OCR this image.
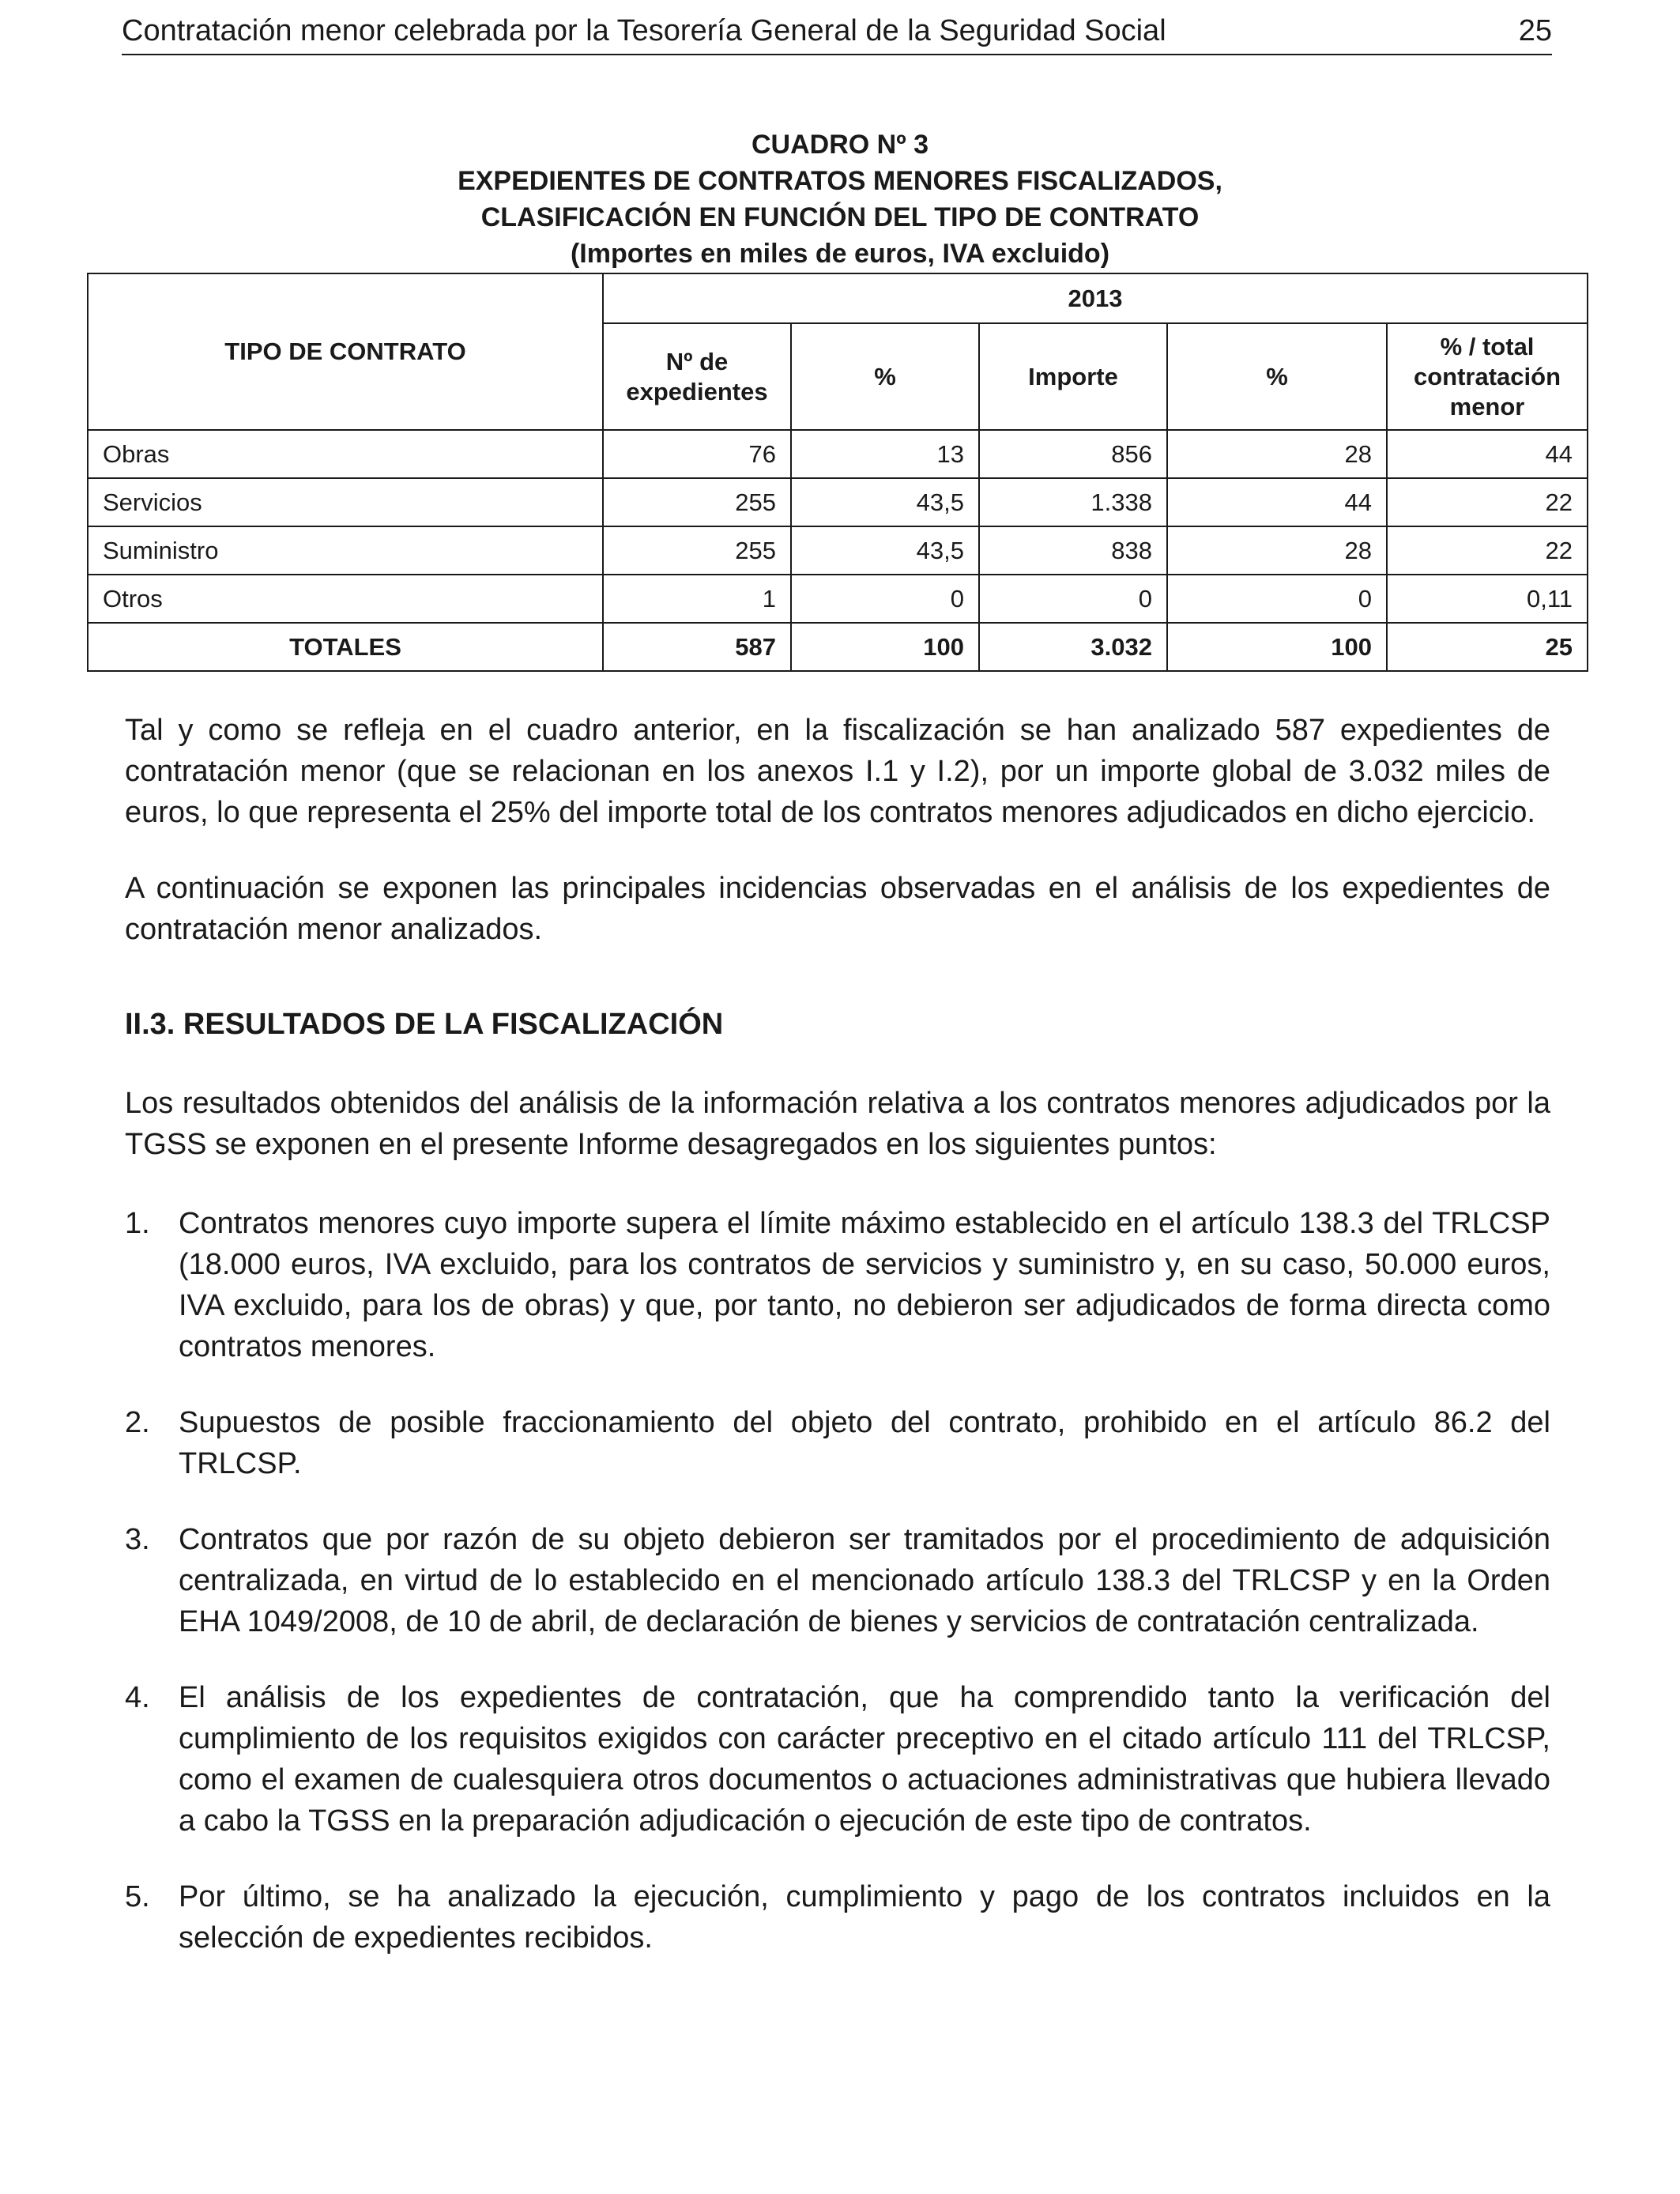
Contratación menor celebrada por la Tesorería General de la Seguridad Social	25
CUADRO Nº 3
EXPEDIENTES DE CONTRATOS MENORES FISCALIZADOS,
CLASIFICACIÓN EN FUNCIÓN DEL TIPO DE CONTRATO
(Importes en miles de euros, IVA excluido)
TIPO DE CONTRATO	2013				
	Nº de expedientes	%	Importe	%	% / total contratación menor
Obras	76	13	856	28	44
Servicios	255	43,5	1.338	44	22
Suministro	255	43,5	838	28	22
Otros	1	0	0	0	0,11
TOTALES	587	100	3.032	100	25

Tal y como se refleja en el cuadro anterior, en la fiscalización se han analizado 587 expedientes de contratación menor (que se relacionan en los anexos I.1 y I.2), por un importe global de 3.032 miles de euros, lo que representa el 25% del importe total de los contratos menores adjudicados en dicho ejercicio.

A continuación se exponen las principales incidencias observadas en el análisis de los expedientes de contratación menor analizados.

II.3. RESULTADOS DE LA FISCALIZACIÓN

Los resultados obtenidos del análisis de la información relativa a los contratos menores adjudicados por la TGSS se exponen en el presente Informe desagregados en los siguientes puntos:

1. Contratos menores cuyo importe supera el límite máximo establecido en el artículo 138.3 del TRLCSP (18.000 euros, IVA excluido, para los contratos de servicios y suministro y, en su caso, 50.000 euros, IVA excluido, para los de obras) y que, por tanto, no debieron ser adjudicados de forma directa como contratos menores.
2. Supuestos de posible fraccionamiento del objeto del contrato, prohibido en el artículo 86.2 del TRLCSP.
3. Contratos que por razón de su objeto debieron ser tramitados por el procedimiento de adquisición centralizada, en virtud de lo establecido en el mencionado artículo 138.3 del TRLCSP y en la Orden EHA 1049/2008, de 10 de abril, de declaración de bienes y servicios de contratación centralizada.
4. El análisis de los expedientes de contratación, que ha comprendido tanto la verificación del cumplimiento de los requisitos exigidos con carácter preceptivo en el citado artículo 111 del TRLCSP, como el examen de cualesquiera otros documentos o actuaciones administrativas que hubiera llevado a cabo la TGSS en la preparación adjudicación o ejecución de este tipo de contratos.
5. Por último, se ha analizado la ejecución, cumplimiento y pago de los contratos incluidos en la selección de expedientes recibidos.
